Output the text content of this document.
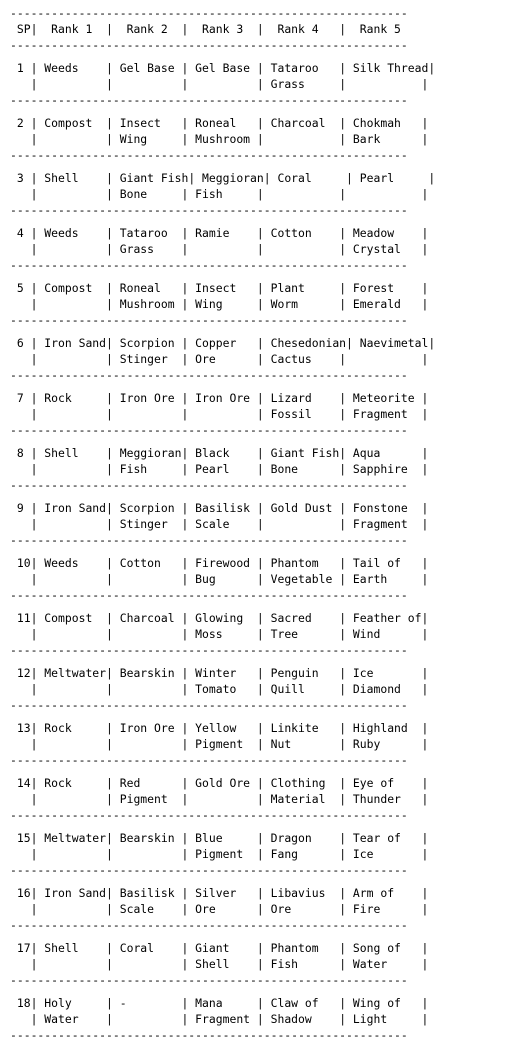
----------------------------------------------------------
SP|  Rank 1  |  Rank 2  |  Rank 3  |  Rank 4   |  Rank 5
----------------------------------------------------------
1 | Weeds    | Gel Base | Gel Base | Tataroo   | Silk Thread|
|	|	|	| Grass     |	|
----------------------------------------------------------
2 | Compost  | Insect   | Roneal   | Charcoal  | Chokmah   |
|	| Wing     | Mushroom |	| Bark      |
----------------------------------------------------------
3 | Shell    | Giant Fish| Meggioran| Coral     | Pearl     |
|	| Bone     | Fish     |	|	|
----------------------------------------------------------
4 | Weeds    | Tataroo  | Ramie    | Cotton    | Meadow    |
|	| Grass    |	|	| Crystal   |
----------------------------------------------------------
5 | Compost  | Roneal   | Insect   | Plant     | Forest    |
|	| Mushroom | Wing     | Worm      | Emerald   |
----------------------------------------------------------
6 | Iron Sand| Scorpion | Copper   | Chesedonian| Naevimetal|
|	| Stinger  | Ore      | Cactus    |	|
----------------------------------------------------------
7 | Rock     | Iron Ore | Iron Ore | Lizard    | Meteorite |
|	|	|	| Fossil    | Fragment  |
----------------------------------------------------------
8 | Shell    | Meggioran| Black    | Giant Fish| Aqua      |
|	| Fish     | Pearl    | Bone      | Sapphire  |
----------------------------------------------------------
9 | Iron Sand| Scorpion | Basilisk | Gold Dust | Fonstone  |
|	| Stinger  | Scale    |	| Fragment  |
----------------------------------------------------------
10| Weeds    | Cotton   | Firewood | Phantom   | Tail of   |
|	|	| Bug      | Vegetable | Earth     |
----------------------------------------------------------
11| Compost  | Charcoal | Glowing  | Sacred    | Feather of|
|	|	| Moss     | Tree      | Wind      |
----------------------------------------------------------
12| Meltwater| Bearskin | Winter   | Penguin   | Ice       |
|	|	| Tomato   | Quill     | Diamond   |
----------------------------------------------------------
13| Rock     | Iron Ore | Yellow   | Linkite   | Highland  |
|	|	| Pigment  | Nut       | Ruby      |
----------------------------------------------------------
14| Rock     | Red      | Gold Ore | Clothing  | Eye of    |
|	| Pigment  |	| Material  | Thunder   |
----------------------------------------------------------
15| Meltwater| Bearskin | Blue     | Dragon    | Tear of   |
|	|	| Pigment  | Fang      | Ice       |
----------------------------------------------------------
16| Iron Sand| Basilisk | Silver   | Libavius  | Arm of    |
|	| Scale    | Ore      | Ore       | Fire      |
----------------------------------------------------------
17| Shell    | Coral    | Giant    | Phantom   | Song of   |
|	|	| Shell    | Fish      | Water     |
----------------------------------------------------------
18| Holy     | -        | Mana     | Claw of   | Wing of   |
| Water    |	| Fragment | Shadow    | Light     |
----------------------------------------------------------
